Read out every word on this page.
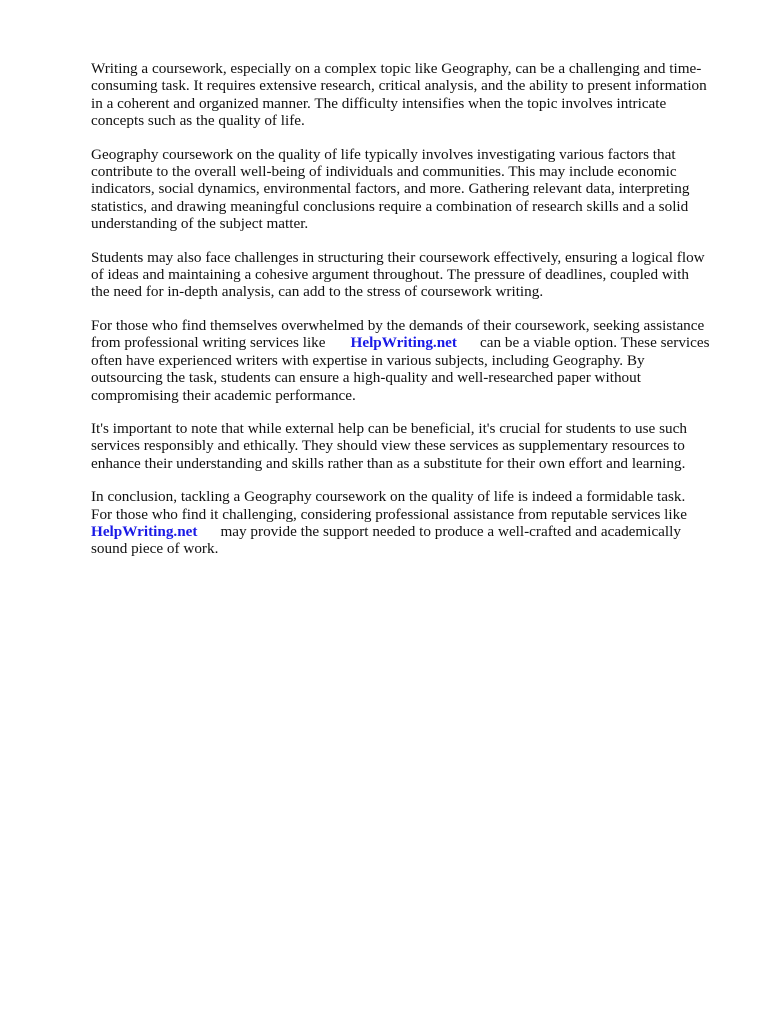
Writing a coursework, especially on a complex topic like Geography, can be a challenging and time-
consuming task. It requires extensive research, critical analysis, and the ability to present information
in a coherent and organized manner. The difficulty intensifies when the topic involves intricate
concepts such as the quality of life.

Geography coursework on the quality of life typically involves investigating various factors that
contribute to the overall well-being of individuals and communities. This may include economic
indicators, social dynamics, environmental factors, and more. Gathering relevant data, interpreting
statistics, and drawing meaningful conclusions require a combination of research skills and a solid
understanding of the subject matter.

Students may also face challenges in structuring their coursework effectively, ensuring a logical flow
of ideas and maintaining a cohesive argument throughout. The pressure of deadlines, coupled with
the need for in-depth analysis, can add to the stress of coursework writing.

For those who find themselves overwhelmed by the demands of their coursework, seeking assistance
from professional writing services like HelpWriting.net can be a viable option. These services
often have experienced writers with expertise in various subjects, including Geography. By
outsourcing the task, students can ensure a high-quality and well-researched paper without
compromising their academic performance.

It's important to note that while external help can be beneficial, it's crucial for students to use such
services responsibly and ethically. They should view these services as supplementary resources to
enhance their understanding and skills rather than as a substitute for their own effort and learning.

In conclusion, tackling a Geography coursework on the quality of life is indeed a formidable task.
For those who find it challenging, considering professional assistance from reputable services like
HelpWriting.net may provide the support needed to produce a well-crafted and academically
sound piece of work.
